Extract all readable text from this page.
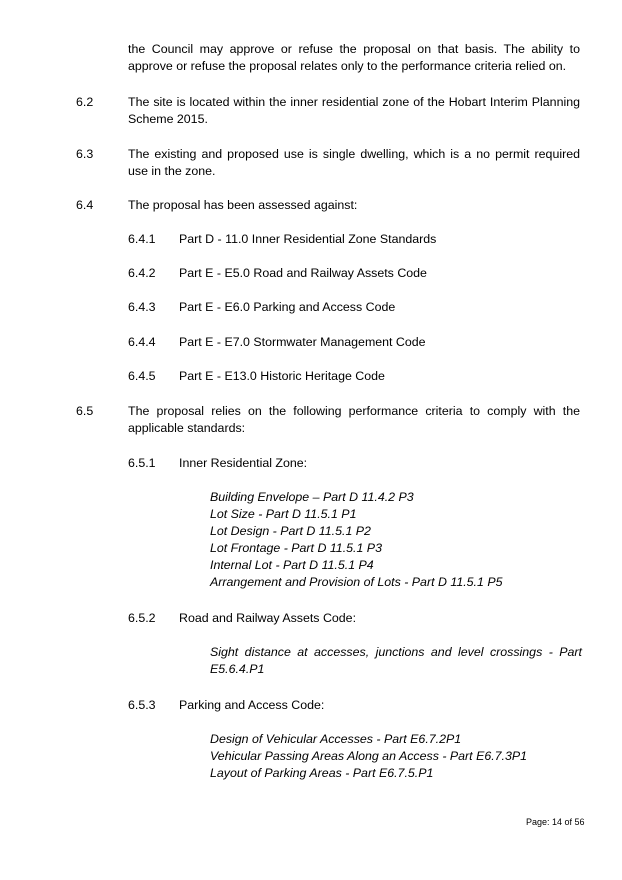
the Council may approve or refuse the proposal on that basis. The ability to approve or refuse the proposal relates only to the performance criteria relied on.

6.2	The site is located within the inner residential zone of the Hobart Interim Planning Scheme 2015.

6.3	The existing and proposed use is single dwelling, which is a no permit required use in the zone.

6.4	The proposal has been assessed against:

6.4.1 Part D - 11.0 Inner Residential Zone Standards
6.4.2 Part E - E5.0 Road and Railway Assets Code
6.4.3 Part E - E6.0 Parking and Access Code
6.4.4 Part E - E7.0 Stormwater Management Code
6.4.5 Part E - E13.0 Historic Heritage Code
6.5	The proposal relies on the following performance criteria to comply with the applicable standards:

6.5.1 Inner Residential Zone:
Building Envelope – Part D 11.4.2 P3
Lot Size - Part D 11.5.1 P1
Lot Design - Part D 11.5.1 P2
Lot Frontage - Part D 11.5.1 P3
Internal Lot - Part D 11.5.1 P4
Arrangement and Provision of Lots - Part D 11.5.1 P5
6.5.2 Road and Railway Assets Code:
Sight distance at accesses, junctions and level crossings - Part E5.6.4.P1
6.5.3 Parking and Access Code:
Design of Vehicular Accesses - Part E6.7.2P1
Vehicular Passing Areas Along an Access - Part E6.7.3P1
Layout of Parking Areas - Part E6.7.5.P1
Page: 14 of 56
